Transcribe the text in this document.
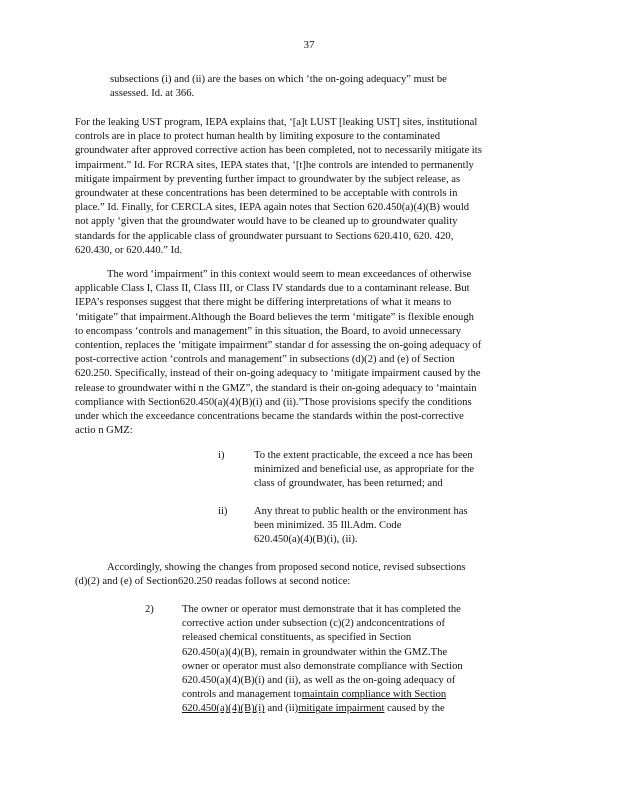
37
subsections (i) and (ii) are the bases on which ‘the on-going adequacy” must be
assessed. Id. at 366.
For the leaking UST program, IEPA explains that, ‘[a]t LUST [leaking UST] sites, institutional
controls are in place to protect human health by limiting exposure to the contaminated
groundwater after approved corrective action has been completed, not to necessarily mitigate its
impairment.” Id. For RCRA sites, IEPA states that, ‘[t]he controls are intended to permanently
mitigate impairment by preventing further impact to groundwater by the subject release, as
groundwater at these concentrations has been determined to be acceptable with controls in
place.” Id. Finally, for CERCLA sites, IEPA again notes that Section 620.450(a)(4)(B) would
not apply ‘given that the groundwater would have to be cleaned up to groundwater quality
standards for the applicable class of groundwater pursuant to Sections 620.410, 620. 420,
620.430, or 620.440.” Id.
The word ‘impairment” in this context would seem to mean exceedances of otherwise
applicable Class I, Class II, Class III, or Class IV standards due to a contaminant release. But
IEPA’s responses suggest that there might be differing interpretations of what it means to
‘mitigate” that impairment.Although the Board believes the term ‘mitigate” is flexible enough
to encompass ‘controls and management” in this situation, the Board, to avoid unnecessary
contention, replaces the ‘mitigate impairment” standar d for assessing the on-going adequacy of
post-corrective action ‘controls and management” in subsections (d)(2) and (e) of Section
620.250. Specifically, instead of their on-going adequacy to ‘mitigate impairment caused by the
release to groundwater withi n the GMZ”, the standard is their on-going adequacy to ‘maintain
compliance with Section620.450(a)(4)(B)(i) and (ii).”Those provisions specify the conditions
under which the exceedance concentrations became the standards within the post-corrective
actio n GMZ:
i)	To the extent practicable, the exceed a nce has been
minimized and beneficial use, as appropriate for the
class of groundwater, has been returned; and
ii)	Any threat to public health or the environment has
been minimized. 35 Ill.Adm. Code
620.450(a)(4)(B)(i), (ii).
Accordingly, showing the changes from proposed second notice, revised subsections
(d)(2) and (e) of Section620.250 readas follows at second notice:
2)	The owner or operator must demonstrate that it has completed the
corrective action under subsection (c)(2) andconcentrations of
released chemical constituents, as specified in Section
620.450(a)(4)(B), remain in groundwater within the GMZ.The
owner or operator must also demonstrate compliance with Section
620.450(a)(4)(B)(i) and (ii), as well as the on-going adequacy of
controls and management tomaintain compliance with Section
620.450(a)(4)(B)(i) and (ii)mitigate impairment caused by the
